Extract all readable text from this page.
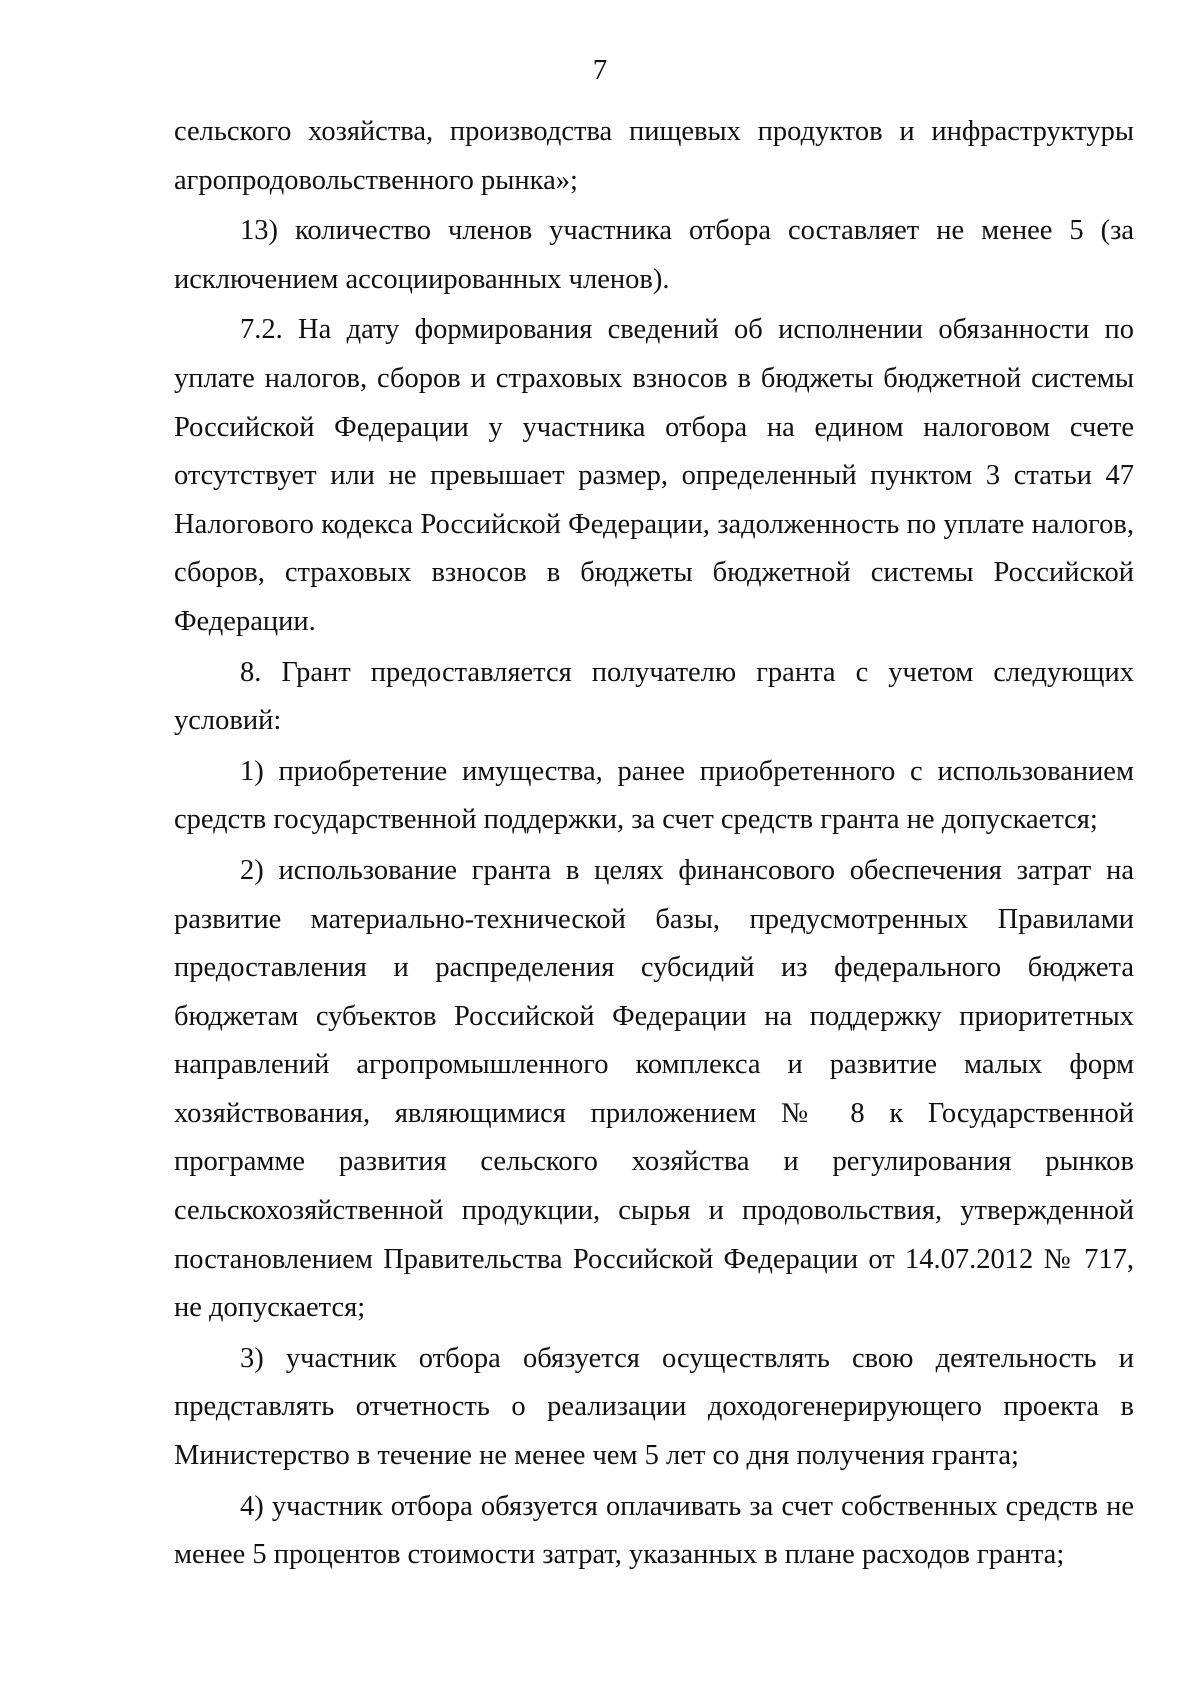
7

сельского хозяйства, производства пищевых продуктов и инфраструктуры агропродовольственного рынка»;

13) количество членов участника отбора составляет не менее 5 (за исключением ассоциированных членов).

7.2. На дату формирования сведений об исполнении обязанности по уплате налогов, сборов и страховых взносов в бюджеты бюджетной системы Российской Федерации у участника отбора на едином налоговом счете отсутствует или не превышает размер, определенный пунктом 3 статьи 47 Налогового кодекса Российской Федерации, задолженность по уплате налогов, сборов, страховых взносов в бюджеты бюджетной системы Российской Федерации.

8. Грант предоставляется получателю гранта с учетом следующих условий:

1) приобретение имущества, ранее приобретенного с использованием средств государственной поддержки, за счет средств гранта не допускается;

2) использование гранта в целях финансового обеспечения затрат на развитие материально-технической базы, предусмотренных Правилами предоставления и распределения субсидий из федерального бюджета бюджетам субъектов Российской Федерации на поддержку приоритетных направлений агропромышленного комплекса и развитие малых форм хозяйствования, являющимися приложением № 8 к Государственной программе развития сельского хозяйства и регулирования рынков сельскохозяйственной продукции, сырья и продовольствия, утвержденной постановлением Правительства Российской Федерации от 14.07.2012 № 717, не допускается;

3) участник отбора обязуется осуществлять свою деятельность и представлять отчетность о реализации доходогенерирующего проекта в Министерство в течение не менее чем 5 лет со дня получения гранта;

4) участник отбора обязуется оплачивать за счет собственных средств не менее 5 процентов стоимости затрат, указанных в плане расходов гранта;
